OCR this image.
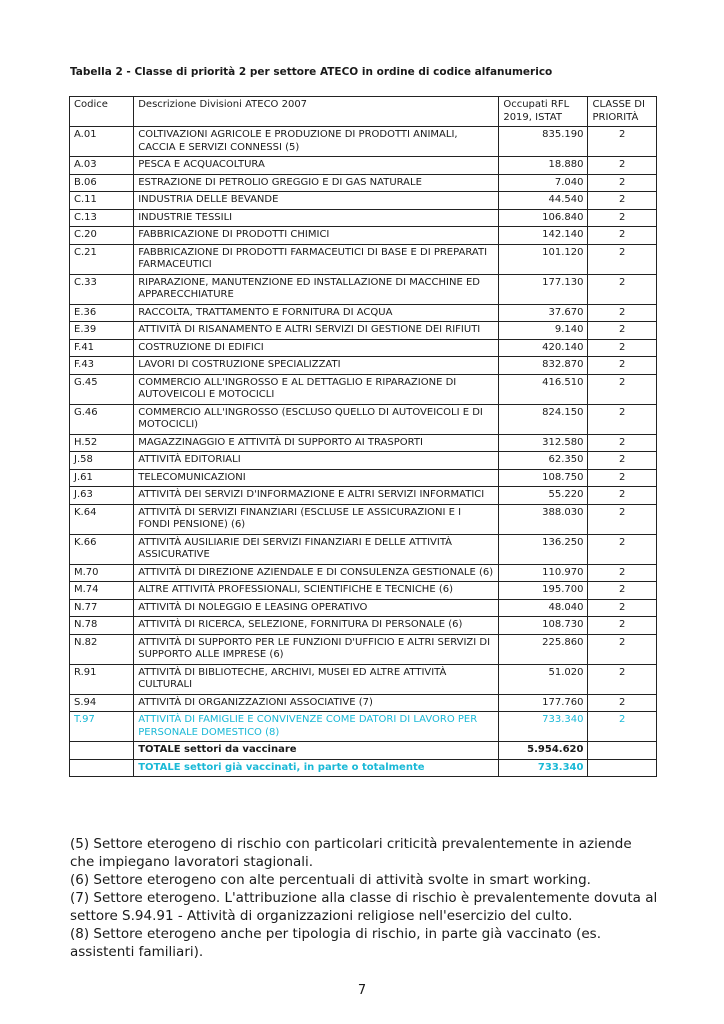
Tabella 2 - Classe di priorità 2 per settore ATECO in ordine di codice alfanumerico
Codice	Descrizione Divisioni ATECO 2007	Occupati RFL 2019, ISTAT	CLASSE DI PRIORITÀ
A.01	COLTIVAZIONI AGRICOLE E PRODUZIONE DI PRODOTTI ANIMALI, CACCIA E SERVIZI CONNESSI (5)	835.190	2
A.03	PESCA E ACQUACOLTURA	18.880	2
B.06	ESTRAZIONE DI PETROLIO GREGGIO E DI GAS NATURALE	7.040	2
C.11	INDUSTRIA DELLE BEVANDE	44.540	2
C.13	INDUSTRIE TESSILI	106.840	2
C.20	FABBRICAZIONE DI PRODOTTI CHIMICI	142.140	2
C.21	FABBRICAZIONE DI PRODOTTI FARMACEUTICI DI BASE E DI PREPARATI FARMACEUTICI	101.120	2
C.33	RIPARAZIONE, MANUTENZIONE ED INSTALLAZIONE DI MACCHINE ED APPARECCHIATURE	177.130	2
E.36	RACCOLTA, TRATTAMENTO E FORNITURA DI ACQUA	37.670	2
E.39	ATTIVITÀ DI RISANAMENTO E ALTRI SERVIZI DI GESTIONE DEI RIFIUTI	9.140	2
F.41	COSTRUZIONE DI EDIFICI	420.140	2
F.43	LAVORI DI COSTRUZIONE SPECIALIZZATI	832.870	2
G.45	COMMERCIO ALL'INGROSSO E AL DETTAGLIO E RIPARAZIONE DI AUTOVEICOLI E MOTOCICLI	416.510	2
G.46	COMMERCIO ALL'INGROSSO (ESCLUSO QUELLO DI AUTOVEICOLI E DI MOTOCICLI)	824.150	2
H.52	MAGAZZINAGGIO E ATTIVITÀ DI SUPPORTO AI TRASPORTI	312.580	2
J.58	ATTIVITÀ EDITORIALI	62.350	2
J.61	TELECOMUNICAZIONI	108.750	2
J.63	ATTIVITÀ DEI SERVIZI D'INFORMAZIONE E ALTRI SERVIZI INFORMATICI	55.220	2
K.64	ATTIVITÀ DI SERVIZI FINANZIARI (ESCLUSE LE ASSICURAZIONI E I FONDI PENSIONE) (6)	388.030	2
K.66	ATTIVITÀ AUSILIARIE DEI SERVIZI FINANZIARI E DELLE ATTIVITÀ ASSICURATIVE	136.250	2
M.70	ATTIVITÀ DI DIREZIONE AZIENDALE E DI CONSULENZA GESTIONALE (6)	110.970	2
M.74	ALTRE ATTIVITÀ PROFESSIONALI, SCIENTIFICHE E TECNICHE (6)	195.700	2
N.77	ATTIVITÀ DI NOLEGGIO E LEASING OPERATIVO	48.040	2
N.78	ATTIVITÀ DI RICERCA, SELEZIONE, FORNITURA DI PERSONALE (6)	108.730	2
N.82	ATTIVITÀ DI SUPPORTO PER LE FUNZIONI D'UFFICIO E ALTRI SERVIZI DI SUPPORTO ALLE IMPRESE (6)	225.860	2
R.91	ATTIVITÀ DI BIBLIOTECHE, ARCHIVI, MUSEI ED ALTRE ATTIVITÀ CULTURALI	51.020	2
S.94	ATTIVITÀ DI ORGANIZZAZIONI ASSOCIATIVE (7)	177.760	2
T.97	ATTIVITÀ DI FAMIGLIE E CONVIVENZE COME DATORI DI LAVORO PER PERSONALE DOMESTICO (8)	733.340	2
	TOTALE settori da vaccinare	5.954.620	
	TOTALE settori già vaccinati, in parte o totalmente	733.340	

(5) Settore eterogeno di rischio con particolari criticità prevalentemente in aziende che impiegano lavoratori stagionali.

(6) Settore eterogeno con alte percentuali di attività svolte in smart working.

(7) Settore eterogeno. L'attribuzione alla classe di rischio è prevalentemente dovuta al settore S.94.91 - Attività di organizzazioni religiose nell'esercizio del culto.

(8) Settore eterogeno anche per tipologia di rischio, in parte già vaccinato (es. assistenti familiari).

7
